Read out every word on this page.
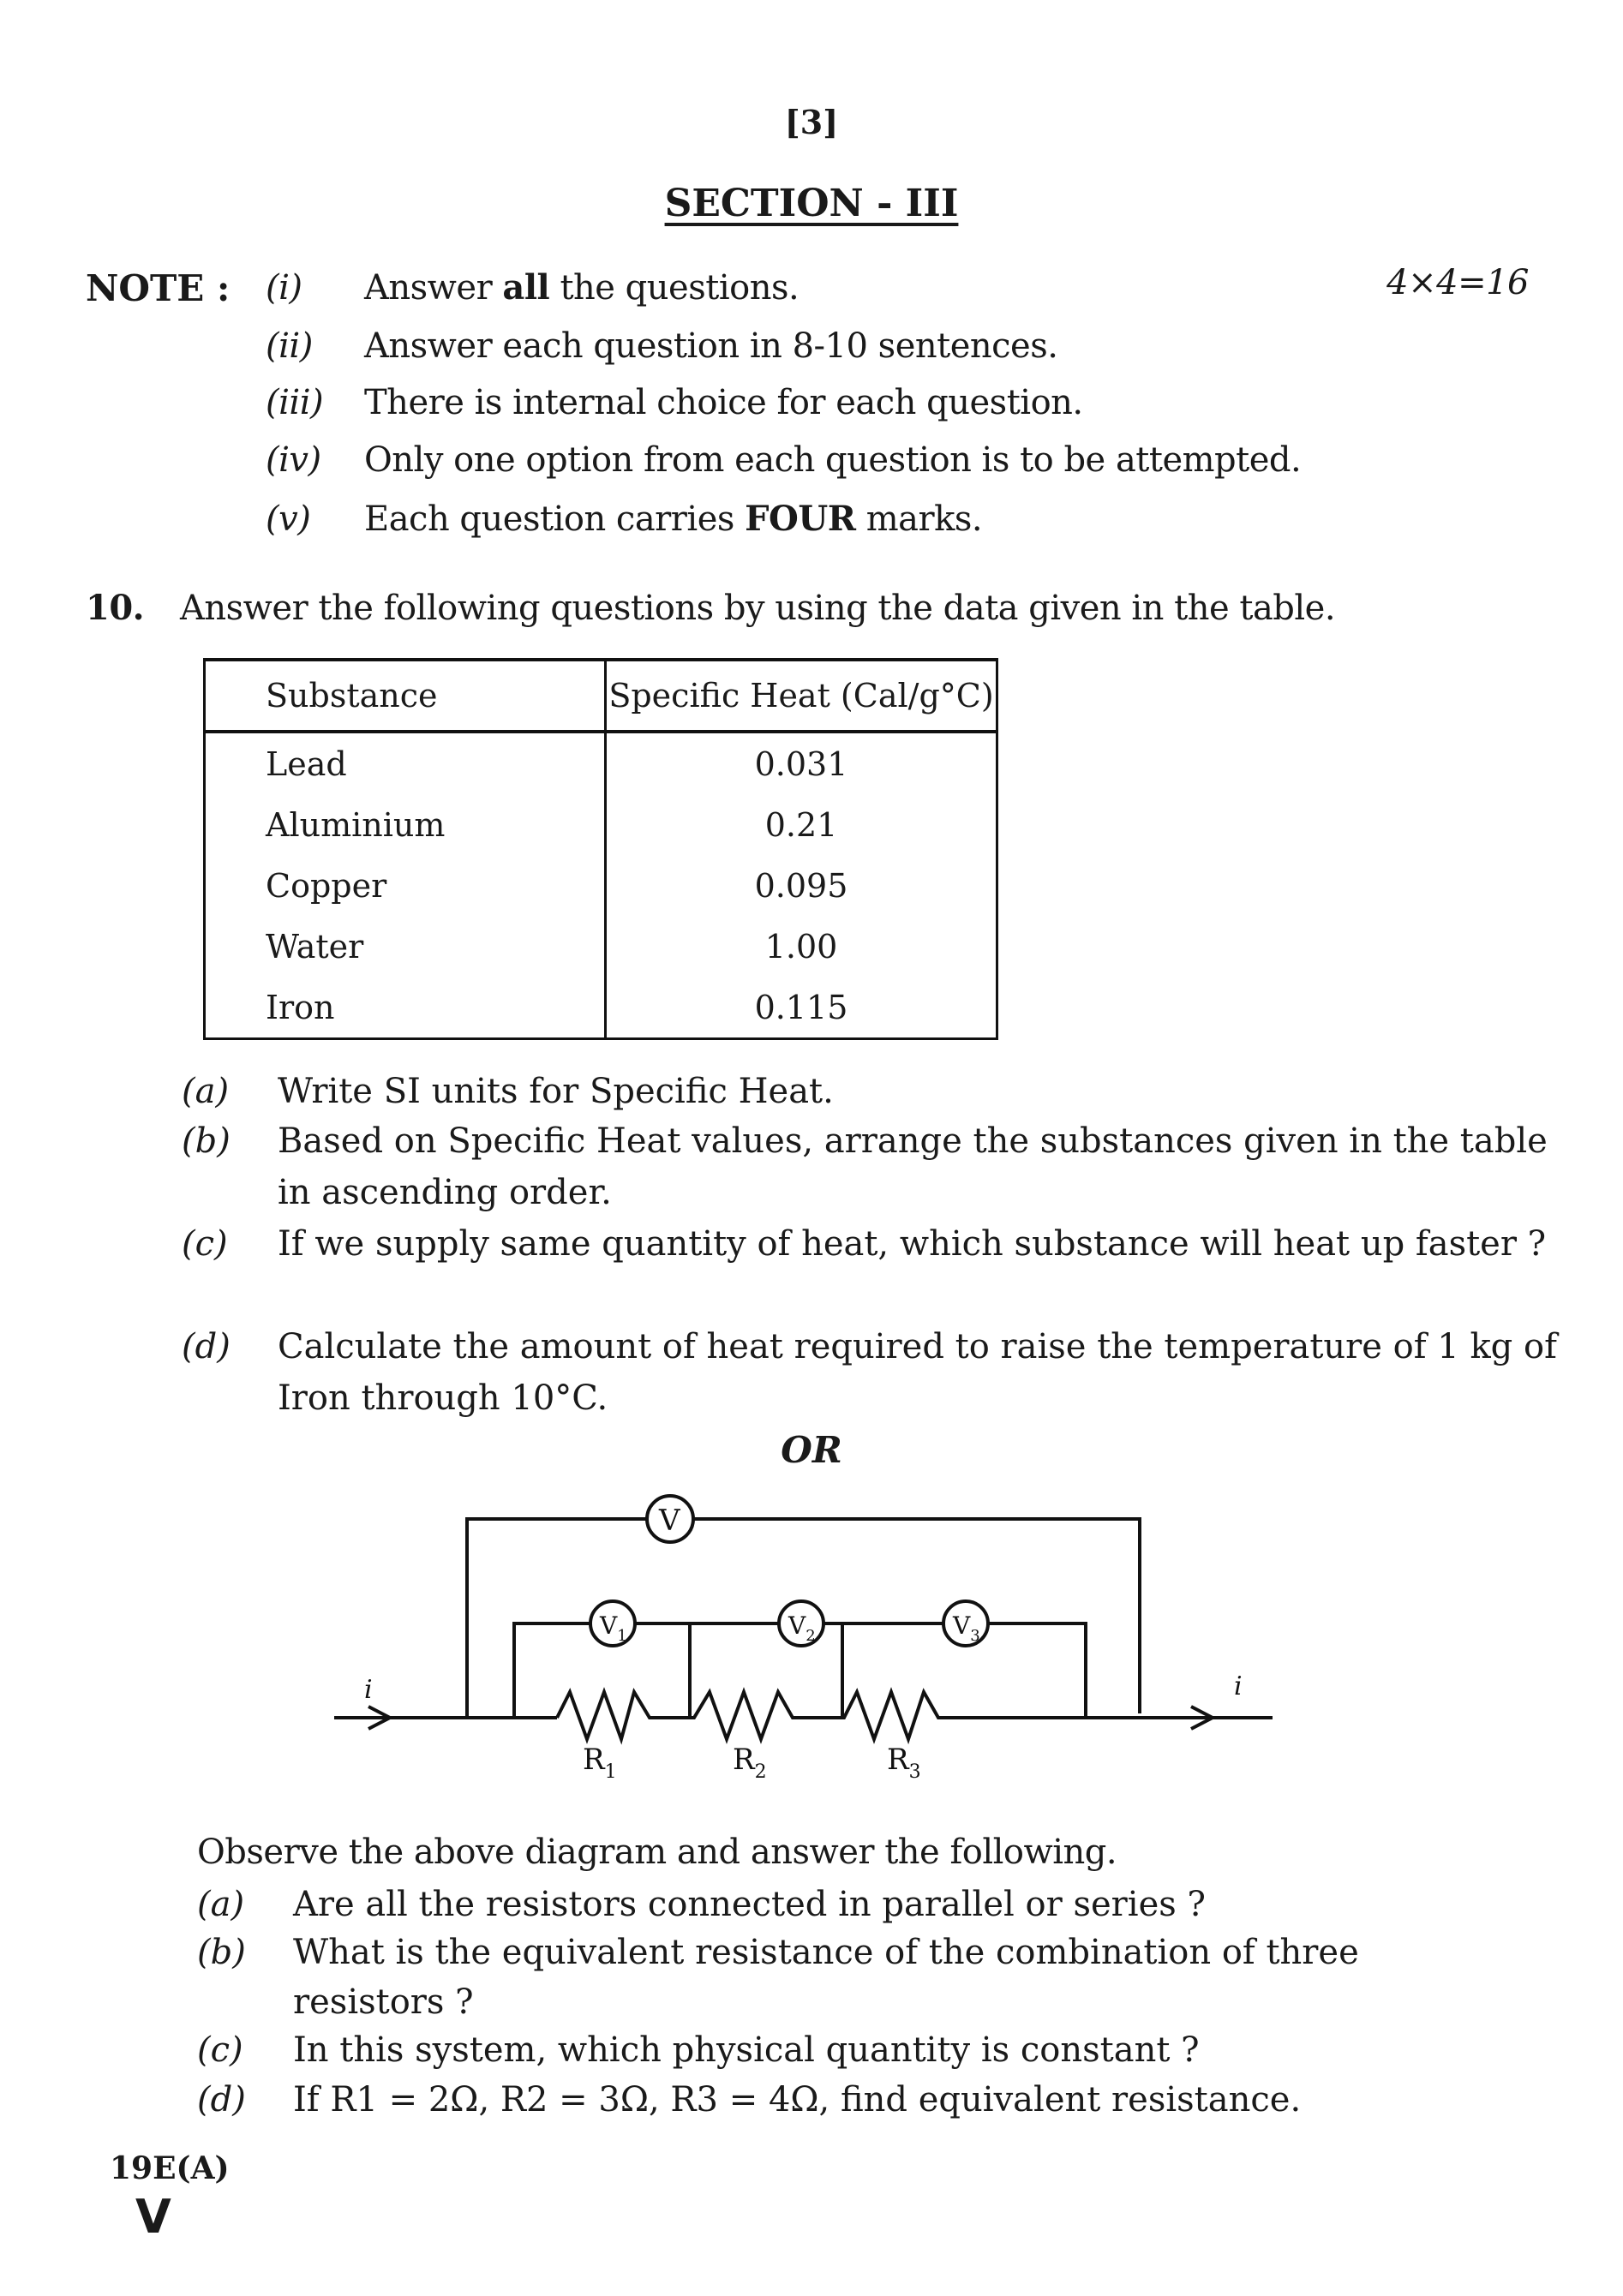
[3]
SECTION - III
NOTE :	4×4=16
(i) Answer all the questions.
(ii) Answer each question in 8-10 sentences.
(iii) There is internal choice for each question.
(iv) Only one option from each question is to be attempted.
(v) Each question carries FOUR marks.
10. Answer the following questions by using the data given in the table.
Substance	Specific Heat (Cal/g°C)
Lead	0.031
Aluminium	0.21
Copper	0.095
Water	1.00
Iron	0.115
(a) Write SI units for Specific Heat.
(b) Based on Specific Heat values, arrange the substances given in the table in ascending order.
(c) If we supply same quantity of heat, which substance will heat up faster ?
(d) Calculate the amount of heat required to raise the temperature of 1 kg of Iron through 10°C.
OR
V
$V_1$	$V_2$	$V_3$
$R_1$	$R_2$	$R_3$
i	i
Observe the above diagram and answer the following.
(a) Are all the resistors connected in parallel or series ?
(b) What is the equivalent resistance of the combination of three resistors ?
(c) In this system, which physical quantity is constant ?
(d) If R1 = 2Ω, R2 = 3Ω, R3 = 4Ω, find equivalent resistance.
19E(A)
V
